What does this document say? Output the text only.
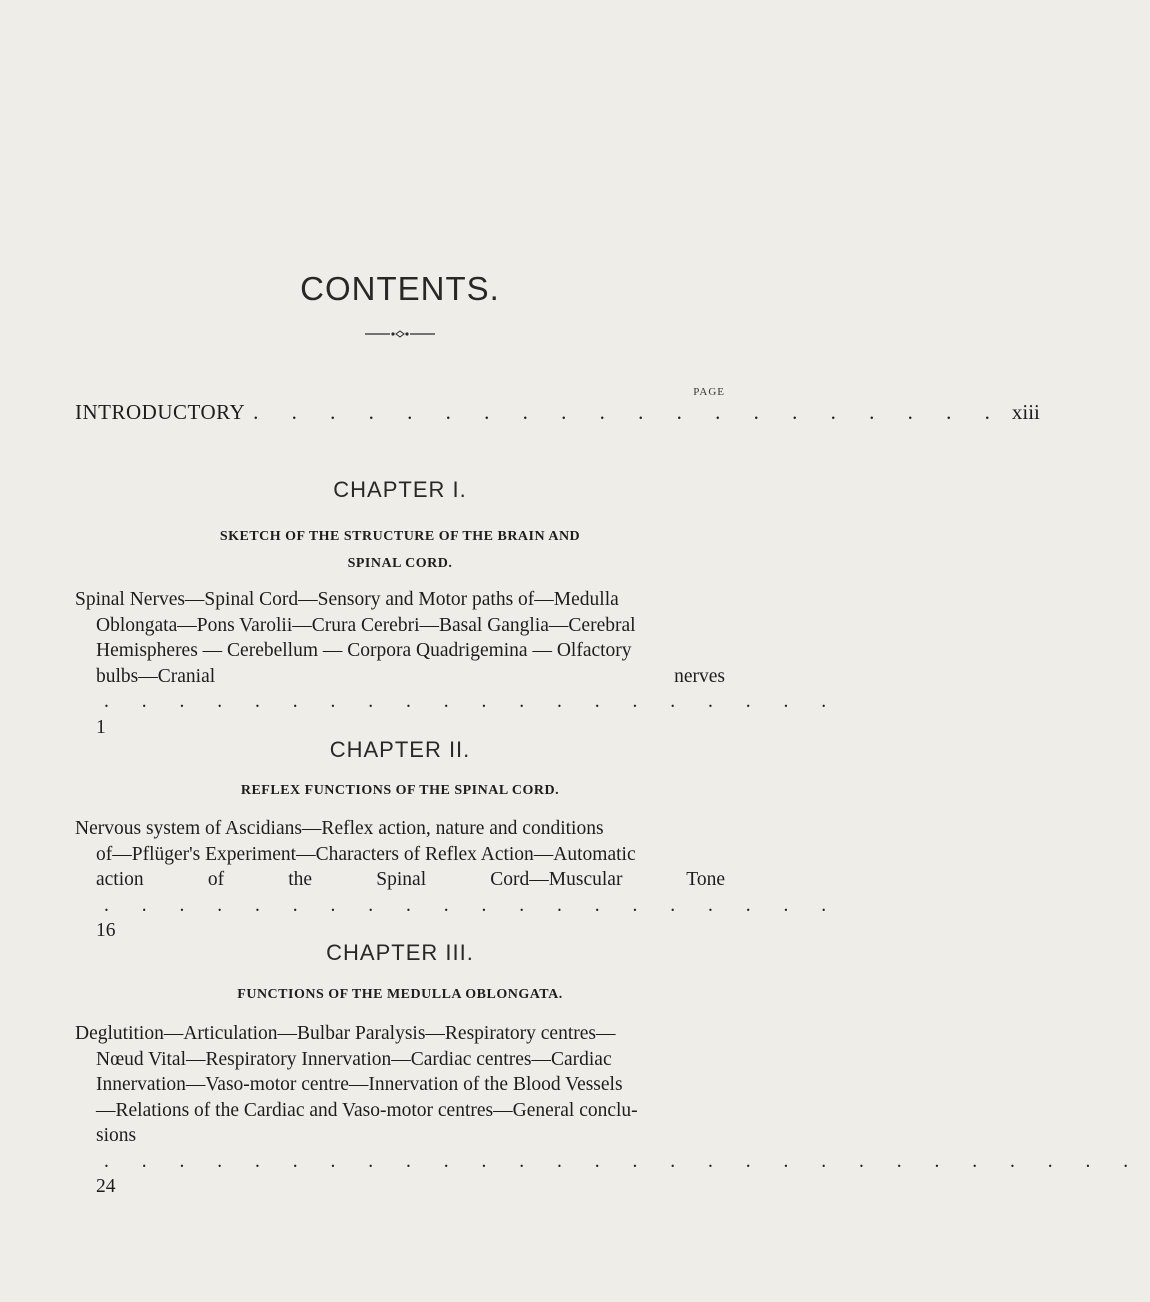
CONTENTS.
PAGE
INTRODUCTORY . . . . . . . . . . . . . . . . . . . . xiii
CHAPTER I.
SKETCH OF THE STRUCTURE OF THE BRAIN AND
SPINAL CORD.
Spinal Nerves—Spinal Cord—Sensory and Motor paths of—Medulla
Oblongata—Pons Varolii—Crura Cerebri—Basal Ganglia—Cerebral
Hemispheres — Cerebellum — Corpora Quadrigemina — Olfactory
bulbs—Cranial nerves . . . . . . . . . . . . . . . . . . . . 1
CHAPTER II.
REFLEX FUNCTIONS OF THE SPINAL CORD.
Nervous system of Ascidians—Reflex action, nature and conditions
of—Pflüger's Experiment—Characters of Reflex Action—Automatic
action of the Spinal Cord—Muscular Tone . . . . . . . . . . . . . . . . . . . . 16
CHAPTER III.
FUNCTIONS OF THE MEDULLA OBLONGATA.
Deglutition—Articulation—Bulbar Paralysis—Respiratory centres—
Nœud Vital—Respiratory Innervation—Cardiac centres—Cardiac
Innervation—Vaso-motor centre—Innervation of the Blood Vessels
—Relations of the Cardiac and Vaso-motor centres—General conclu-
sions . . . . . . . . . . . . . . . . . . . . . . . . . . . . 24
